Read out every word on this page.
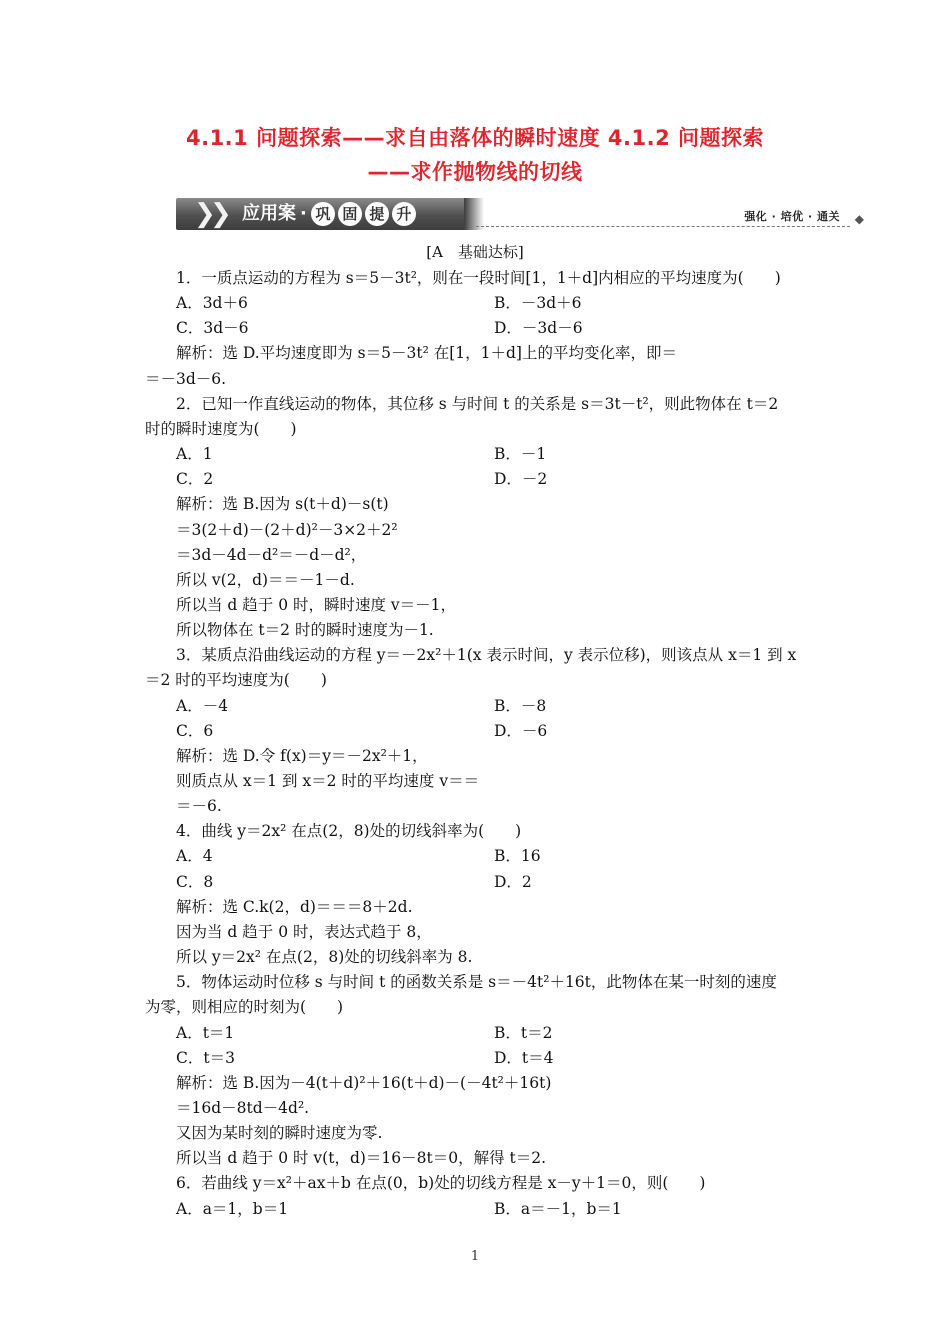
4.1.1 问题探索——求自由落体的瞬时速度 4.1.2 问题探索
——求作抛物线的切线
❯
❯ 应用案 · 巩 固 提 升	强化 · 培优 · 通关 ◆
[A　基础达标]
1．一质点运动的方程为 s＝5－3t²，则在一段时间[1，1＋d]内相应的平均速度为(　　)
A．3d＋6	B．－3d＋6
C．3d－6	D．－3d－6
解析：选 D.平均速度即为 s＝5－3t² 在[1，1＋d]上的平均变化率，即＝
＝－3d－6.
2．已知一作直线运动的物体，其位移 s 与时间 t 的关系是 s＝3t－t²，则此物体在 t＝2
时的瞬时速度为(　　)
A．1	B．－1
C．2	D．－2
解析：选 B.因为 s(t＋d)－s(t)
＝3(2＋d)－(2＋d)²－3×2＋2²
＝3d－4d－d²＝－d－d²，
所以 v(2，d)＝＝－1－d.
所以当 d 趋于 0 时，瞬时速度 v＝－1，
所以物体在 t＝2 时的瞬时速度为－1.
3．某质点沿曲线运动的方程 y＝－2x²＋1(x 表示时间，y 表示位移)，则该点从 x＝1 到 x
＝2 时的平均速度为(　　)
A．－4	B．－8
C．6	D．－6
解析：选 D.令 f(x)＝y＝－2x²＋1，
则质点从 x＝1 到 x＝2 时的平均速度 v＝＝
＝－6.
4．曲线 y＝2x² 在点(2，8)处的切线斜率为(　　)
A．4	B．16
C．8	D．2
解析：选 C.k(2，d)＝＝＝8＋2d.
因为当 d 趋于 0 时，表达式趋于 8，
所以 y＝2x² 在点(2，8)处的切线斜率为 8.
5．物体运动时位移 s 与时间 t 的函数关系是 s＝－4t²＋16t，此物体在某一时刻的速度
为零，则相应的时刻为(　　)
A．t＝1	B．t＝2
C．t＝3	D．t＝4
解析：选 B.因为－4(t＋d)²＋16(t＋d)－(－4t²＋16t)
＝16d－8td－4d².
又因为某时刻的瞬时速度为零.
所以当 d 趋于 0 时 v(t，d)＝16－8t＝0，解得 t＝2.
6．若曲线 y＝x²＋ax＋b 在点(0，b)处的切线方程是 x－y＋1＝0，则(　　)
A．a＝1，b＝1	B．a＝－1，b＝1
1
